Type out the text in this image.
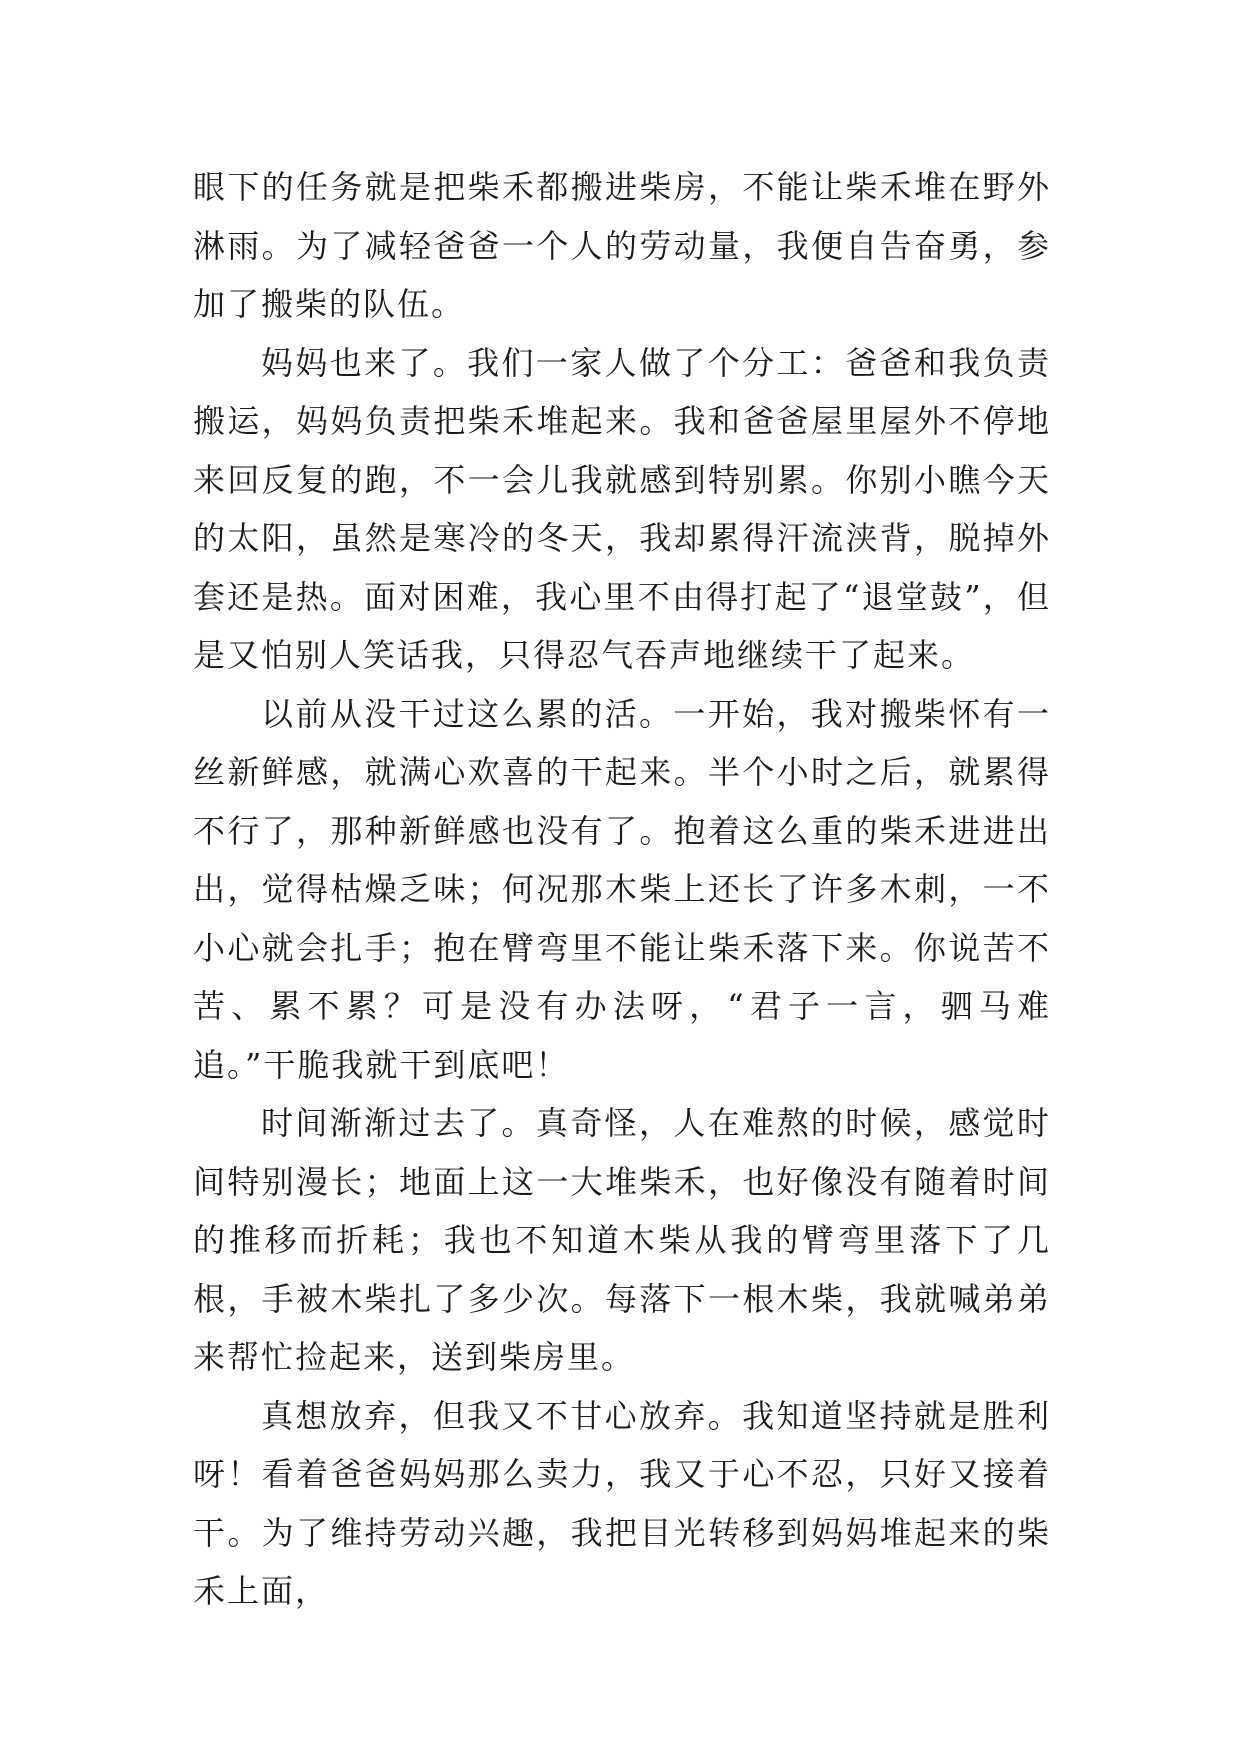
眼下的任务就是把柴禾都搬进柴房，不能让柴禾堆在野外淋雨。为了减轻爸爸一个人的劳动量，我便自告奋勇，参加了搬柴的队伍。

妈妈也来了。我们一家人做了个分工：爸爸和我负责搬运，妈妈负责把柴禾堆起来。我和爸爸屋里屋外不停地来回反复的跑，不一会儿我就感到特别累。你别小瞧今天的太阳，虽然是寒冷的冬天，我却累得汗流浃背，脱掉外套还是热。面对困难，我心里不由得打起了“退堂鼓”，但是又怕别人笑话我，只得忍气吞声地继续干了起来。

以前从没干过这么累的活。一开始，我对搬柴怀有一丝新鲜感，就满心欢喜的干起来。半个小时之后，就累得不行了，那种新鲜感也没有了。抱着这么重的柴禾进进出出，觉得枯燥乏味；何况那木柴上还长了许多木刺，一不小心就会扎手；抱在臂弯里不能让柴禾落下来。你说苦不苦、累不累？可是没有办法呀，“君子一言，驷马难追。”干脆我就干到底吧！

时间渐渐过去了。真奇怪，人在难熬的时候，感觉时间特别漫长；地面上这一大堆柴禾，也好像没有随着时间的推移而折耗；我也不知道木柴从我的臂弯里落下了几根，手被木柴扎了多少次。每落下一根木柴，我就喊弟弟来帮忙捡起来，送到柴房里。

真想放弃，但我又不甘心放弃。我知道坚持就是胜利呀！看着爸爸妈妈那么卖力，我又于心不忍，只好又接着干。为了维持劳动兴趣，我把目光转移到妈妈堆起来的柴禾上面，
